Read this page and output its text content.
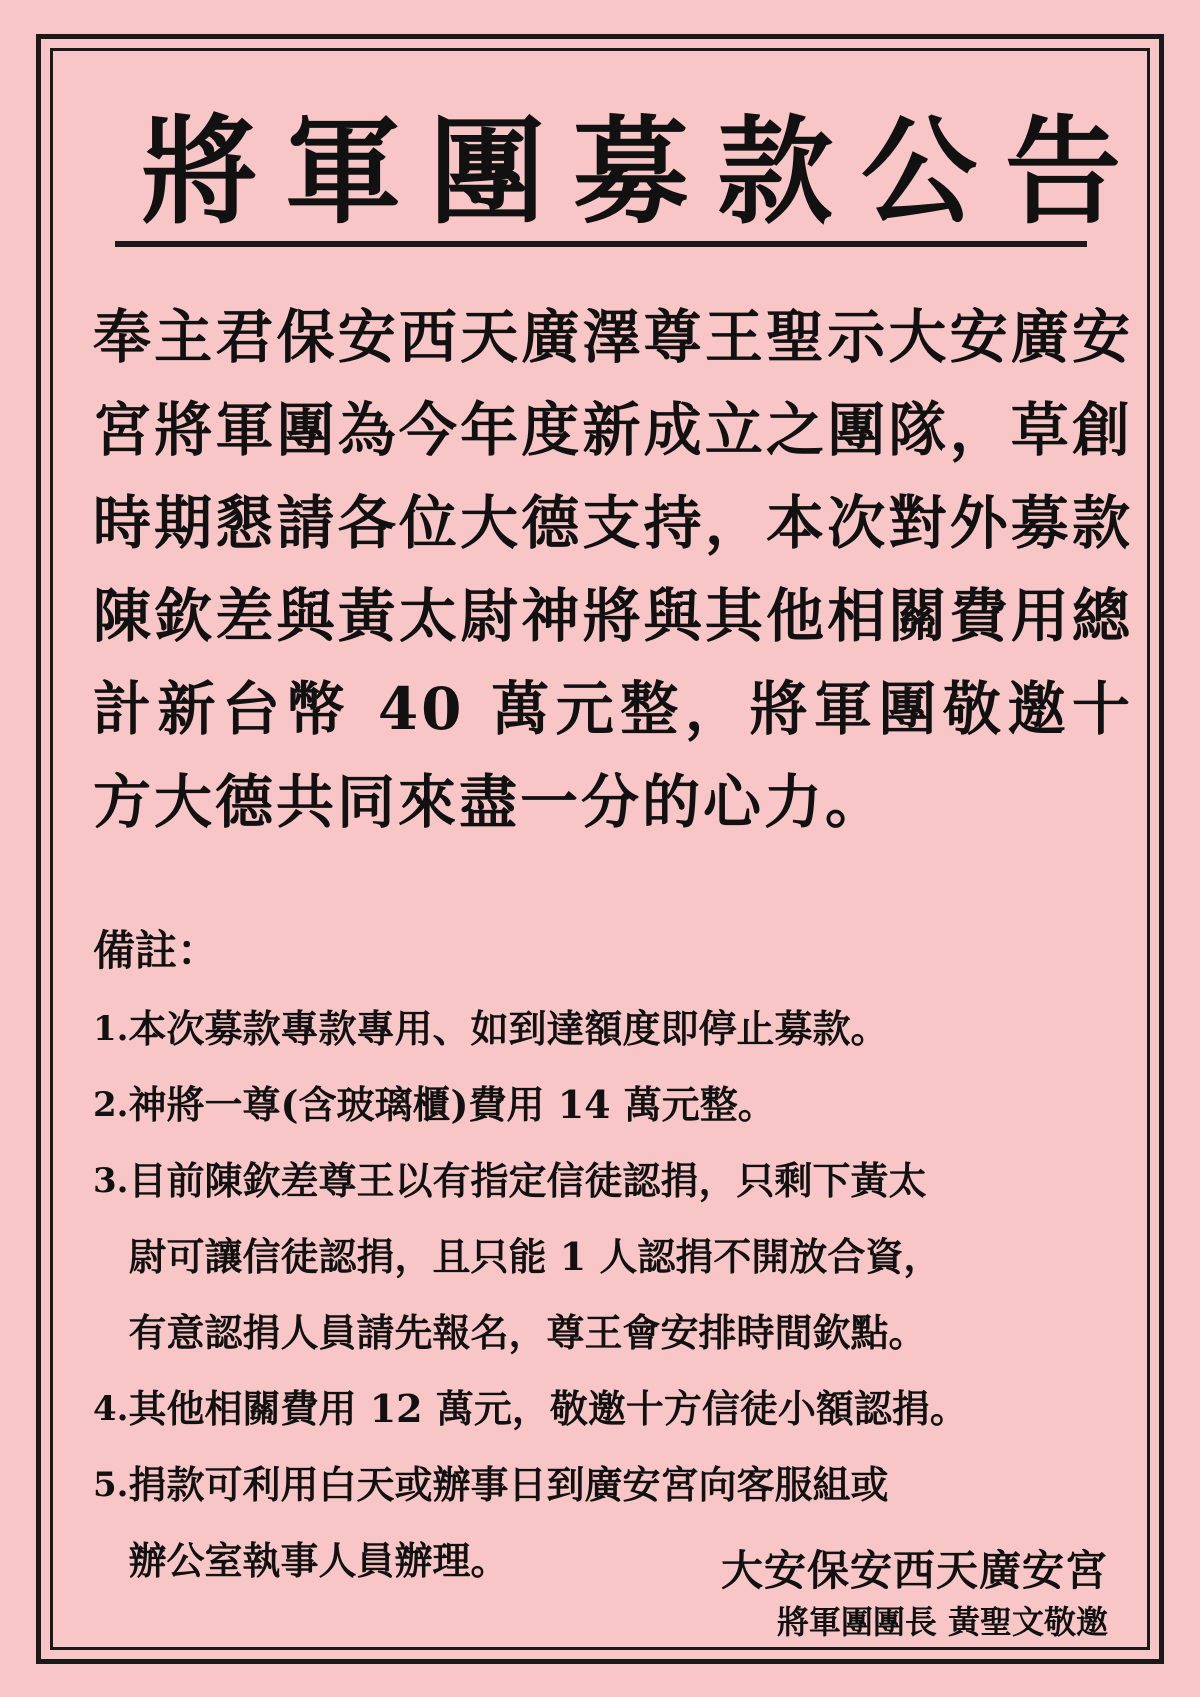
將軍團募款公告

奉主君保安西天廣澤尊王聖示大安廣安宮將軍團為今年度新成立之團隊，草創時期懇請各位大德支持，本次對外募款陳欽差與黃太尉神將與其他相關費用總計新台幣 40 萬元整，將軍團敬邀十方大德共同來盡一分的心力。

備註：
1. 本次募款專款專用、如到達額度即停止募款。
2. 神將一尊(含玻璃櫃)費用 14 萬元整。
3. 目前陳欽差尊王以有指定信徒認捐，只剩下黃太
尉可讓信徒認捐，且只能 1 人認捐不開放合資，
有意認捐人員請先報名，尊王會安排時間欽點。
4. 其他相關費用 12 萬元，敬邀十方信徒小額認捐。
5. 捐款可利用白天或辦事日到廣安宮向客服組或
辦公室執事人員辦理。	大安保安西天廣安宮
將軍團團長 黃聖文敬邀
